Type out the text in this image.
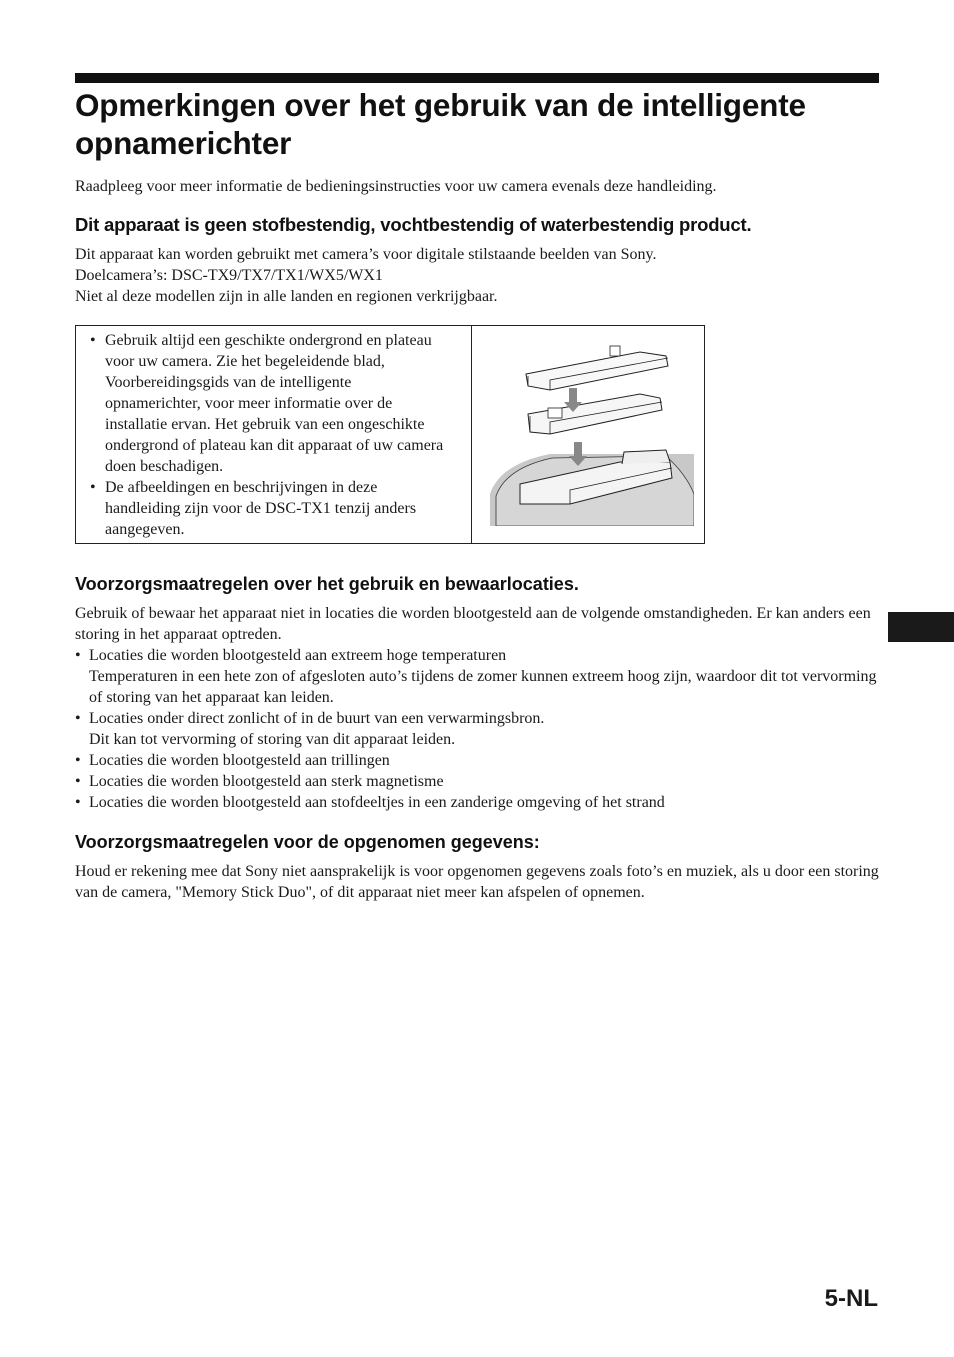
Opmerkingen over het gebruik van de intelligente opnamerichter

Raadpleeg voor meer informatie de bedieningsinstructies voor uw camera evenals deze handleiding.

Dit apparaat is geen stofbestendig, vochtbestendig of waterbestendig product.

Dit apparaat kan worden gebruikt met camera’s voor digitale stilstaande beelden van Sony.

Doelcamera’s: DSC-TX9/TX7/TX1/WX5/WX1

Niet al deze modellen zijn in alle landen en regionen verkrijgbaar.

• Gebruik altijd een geschikte ondergrond en plateau voor uw camera. Zie het begeleidende blad, Voorbereidingsgids van de intelligente opnamerichter, voor meer informatie over de installatie ervan. Het gebruik van een ongeschikte ondergrond of plateau kan dit apparaat of uw camera doen beschadigen.
• De afbeeldingen en beschrijvingen in deze handleiding zijn voor de DSC-TX1 tenzij anders aangegeven.
Voorzorgsmaatregelen over het gebruik en bewaarlocaties.

Gebruik of bewaar het apparaat niet in locaties die worden blootgesteld aan de volgende omstandigheden. Er kan anders een storing in het apparaat optreden.

• Locaties die worden blootgesteld aan extreem hoge temperaturen
Temperaturen in een hete zon of afgesloten auto’s tijdens de zomer kunnen extreem hoog zijn, waardoor dit tot vervorming of storing van het apparaat kan leiden.
• Locaties onder direct zonlicht of in de buurt van een verwarmingsbron.
Dit kan tot vervorming of storing van dit apparaat leiden.
• Locaties die worden blootgesteld aan trillingen
• Locaties die worden blootgesteld aan sterk magnetisme
• Locaties die worden blootgesteld aan stofdeeltjes in een zanderige omgeving of het strand
Voorzorgsmaatregelen voor de opgenomen gegevens:

Houd er rekening mee dat Sony niet aansprakelijk is voor opgenomen gegevens zoals foto’s en muziek, als u door een storing van de camera, "Memory Stick Duo", of dit apparaat niet meer kan afspelen of opnemen.

5-NL
